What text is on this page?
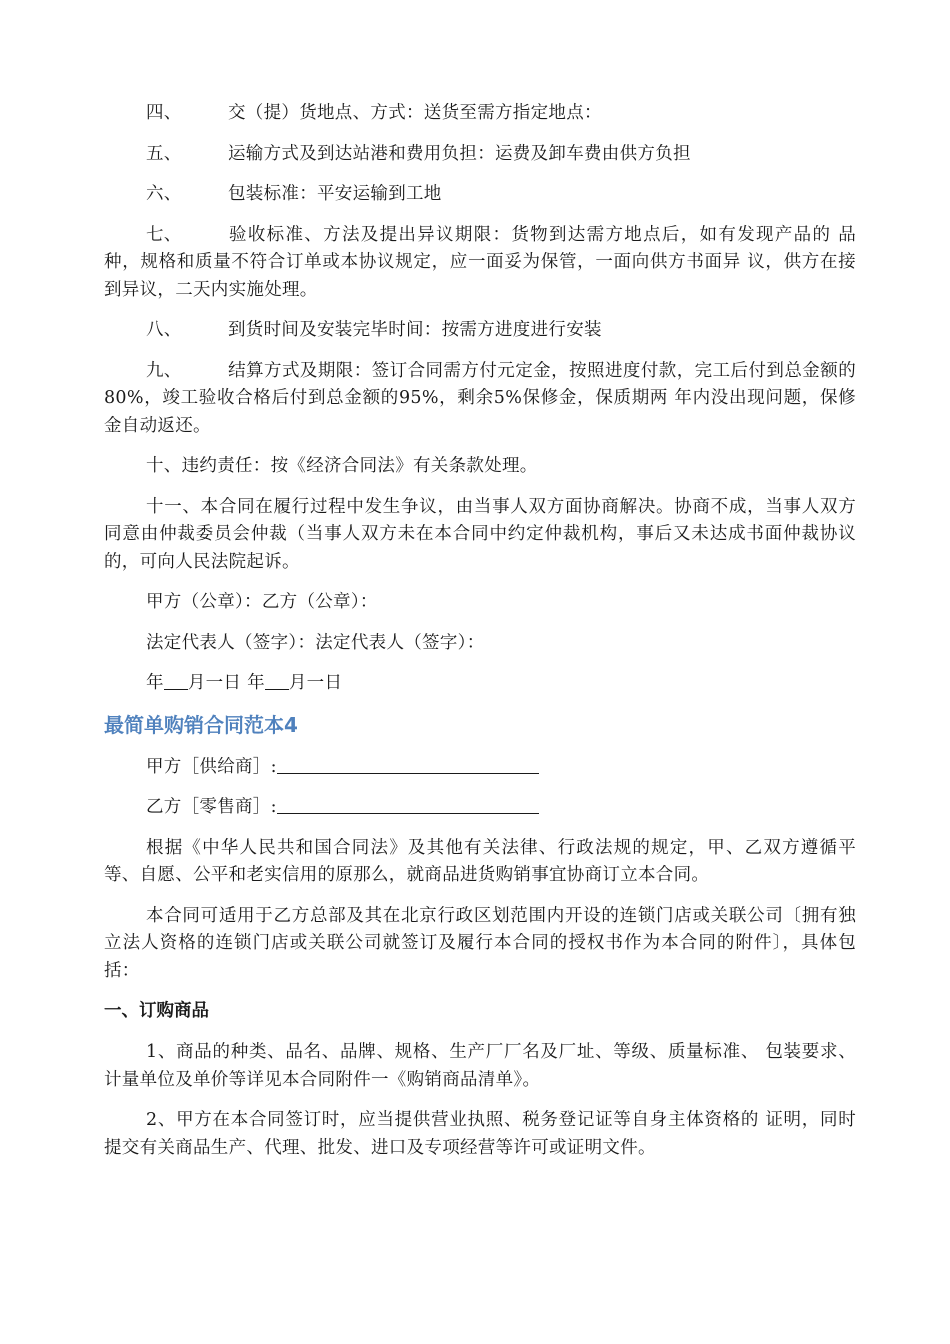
四、	交（提）货地点、方式：送货至需方指定地点：

五、	运输方式及到达站港和费用负担：运费及卸车费由供方负担

六、	包装标准：平安运输到工地

七、	验收标准、方法及提出异议期限：货物到达需方地点后，如有发现产品的 品种，规格和质量不符合订单或本协议规定，应一面妥为保管，一面向供方书面异 议，供方在接到异议，二天内实施处理。

八、	到货时间及安装完毕时间：按需方进度进行安装

九、	结算方式及期限：签订合同需方付元定金，按照进度付款，完工后付到总金额的80%，竣工验收合格后付到总金额的95%，剩余5%保修金，保质期两 年内没出现问题，保修金自动返还。

十、违约责任：按《经济合同法》有关条款处理。

十一、本合同在履行过程中发生争议，由当事人双方面协商解决。协商不成，当事人双方同意由仲裁委员会仲裁（当事人双方未在本合同中约定仲裁机构，事后又未达成书面仲裁协议的，可向人民法院起诉。

甲方（公章）：乙方（公章）：

法定代表人（签字）：法定代表人（签字）：

年 月一日 年 月一日

最简单购销合同范本4

甲方［供给商］:

乙方［零售商］:

根据《中华人民共和国合同法》及其他有关法律、行政法规的规定，甲、乙双方遵循平等、自愿、公平和老实信用的原那么，就商品进货购销事宜协商订立本合同。

本合同可适用于乙方总部及其在北京行政区划范围内开设的连锁门店或关联公司〔拥有独立法人资格的连锁门店或关联公司就签订及履行本合同的授权书作为本合同的附件〕，具体包括：

一、订购商品

1、商品的种类、品名、品牌、规格、生产厂厂名及厂址、等级、质量标准、 包装要求、计量单位及单价等详见本合同附件一《购销商品清单》。

2、甲方在本合同签订时，应当提供营业执照、税务登记证等自身主体资格的 证明，同时提交有关商品生产、代理、批发、进口及专项经营等许可或证明文件。
